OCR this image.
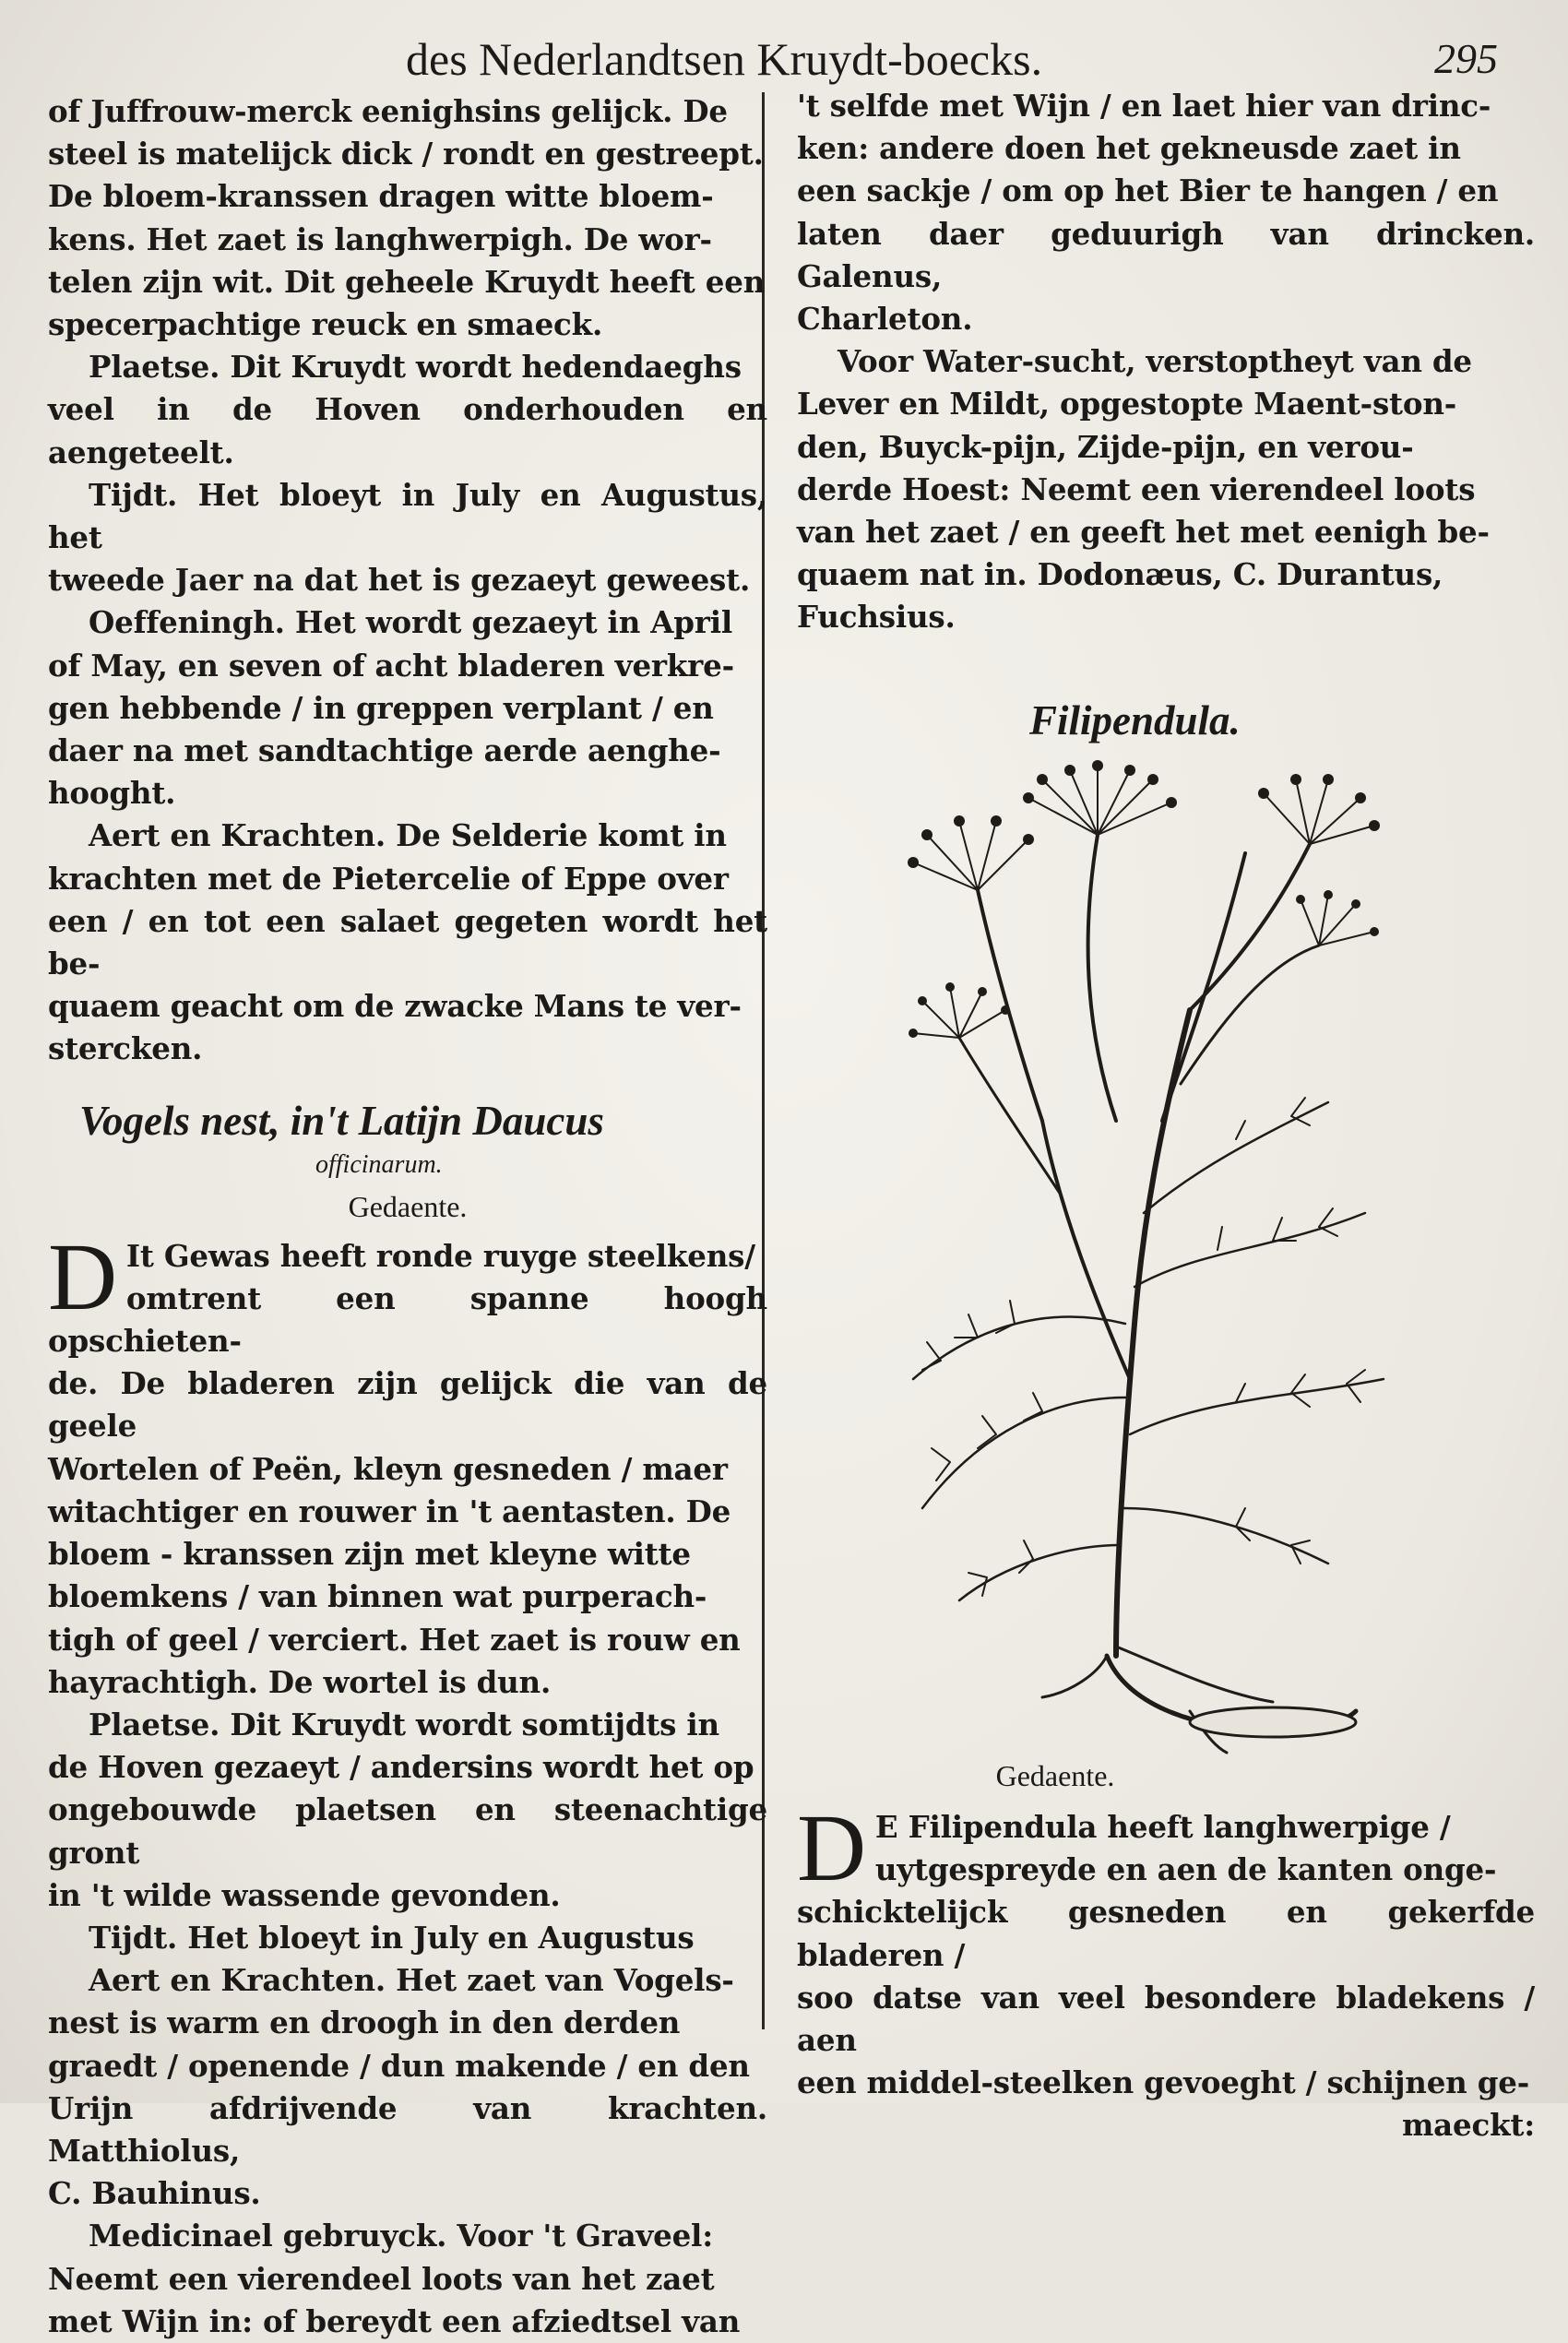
des Nederlandtsen Kruydt-boecks.	295
of Juffrouw-merck eenighsins gelijck. De
steel is matelijck dick / rondt en gestreept.
De bloem-kranssen dragen witte bloem-
kens. Het zaet is langhwerpigh. De wor-
telen zijn wit. Dit geheele Kruydt heeft een
specerpachtige reuck en smaeck.
Plaetse. Dit Kruydt wordt hedendaeghs
veel in de Hoven onderhouden en aengeteelt.
Tijdt. Het bloeyt in July en Augustus, het
tweede Jaer na dat het is gezaeyt geweest.
Oeffeningh. Het wordt gezaeyt in April
of May, en seven of acht bladeren verkre-
gen hebbende / in greppen verplant / en
daer na met sandtachtige aerde aenghe-
hooght.
Aert en Krachten. De Selderie komt in
krachten met de Pietercelie of Eppe over
een / en tot een salaet gegeten wordt het be-
quaem geacht om de zwacke Mans te ver-
stercken.
Vogels nest, in't Latijn Daucus
officinarum.
Gedaente.
D It Gewas heeft ronde ruyge steelkens/
omtrent een spanne hoogh opschieten-
de. De bladeren zijn gelijck die van de geele
Wortelen of Peën, kleyn gesneden / maer
witachtiger en rouwer in 't aentasten. De
bloem - kranssen zijn met kleyne witte
bloemkens / van binnen wat purperach-
tigh of geel / verciert. Het zaet is rouw en
hayrachtigh. De wortel is dun.
Plaetse. Dit Kruydt wordt somtijdts in
de Hoven gezaeyt / andersins wordt het op
ongebouwde plaetsen en steenachtige gront
in 't wilde wassende gevonden.
Tijdt. Het bloeyt in July en Augustus
Aert en Krachten. Het zaet van Vogels-
nest is warm en droogh in den derden
graedt / openende / dun makende / en den
Urijn afdrijvende van krachten. Matthiolus,
C. Bauhinus.
Medicinael gebruyck. Voor 't Graveel:
Neemt een vierendeel loots van het zaet
met Wijn in: of bereydt een afziedtsel van
't selfde met Wijn / en laet hier van drinc-
ken: andere doen het gekneusde zaet in
een sackje / om op het Bier te hangen / en
laten daer geduurigh van drincken. Galenus,
Charleton.
Voor Water-sucht, verstoptheyt van de
Lever en Mildt, opgestopte Maent-ston-
den, Buyck-pijn, Zijde-pijn, en verou-
derde Hoest: Neemt een vierendeel loots
van het zaet / en geeft het met eenigh be-
quaem nat in. Dodonæus, C. Durantus,
Fuchsius.
Filipendula.
Gedaente.
D E Filipendula heeft langhwerpige /
uytgespreyde en aen de kanten onge-
schicktelijck gesneden en gekerfde bladeren /
soo datse van veel besondere bladekens / aen
een middel-steelken gevoeght / schijnen ge-
maeckt:
